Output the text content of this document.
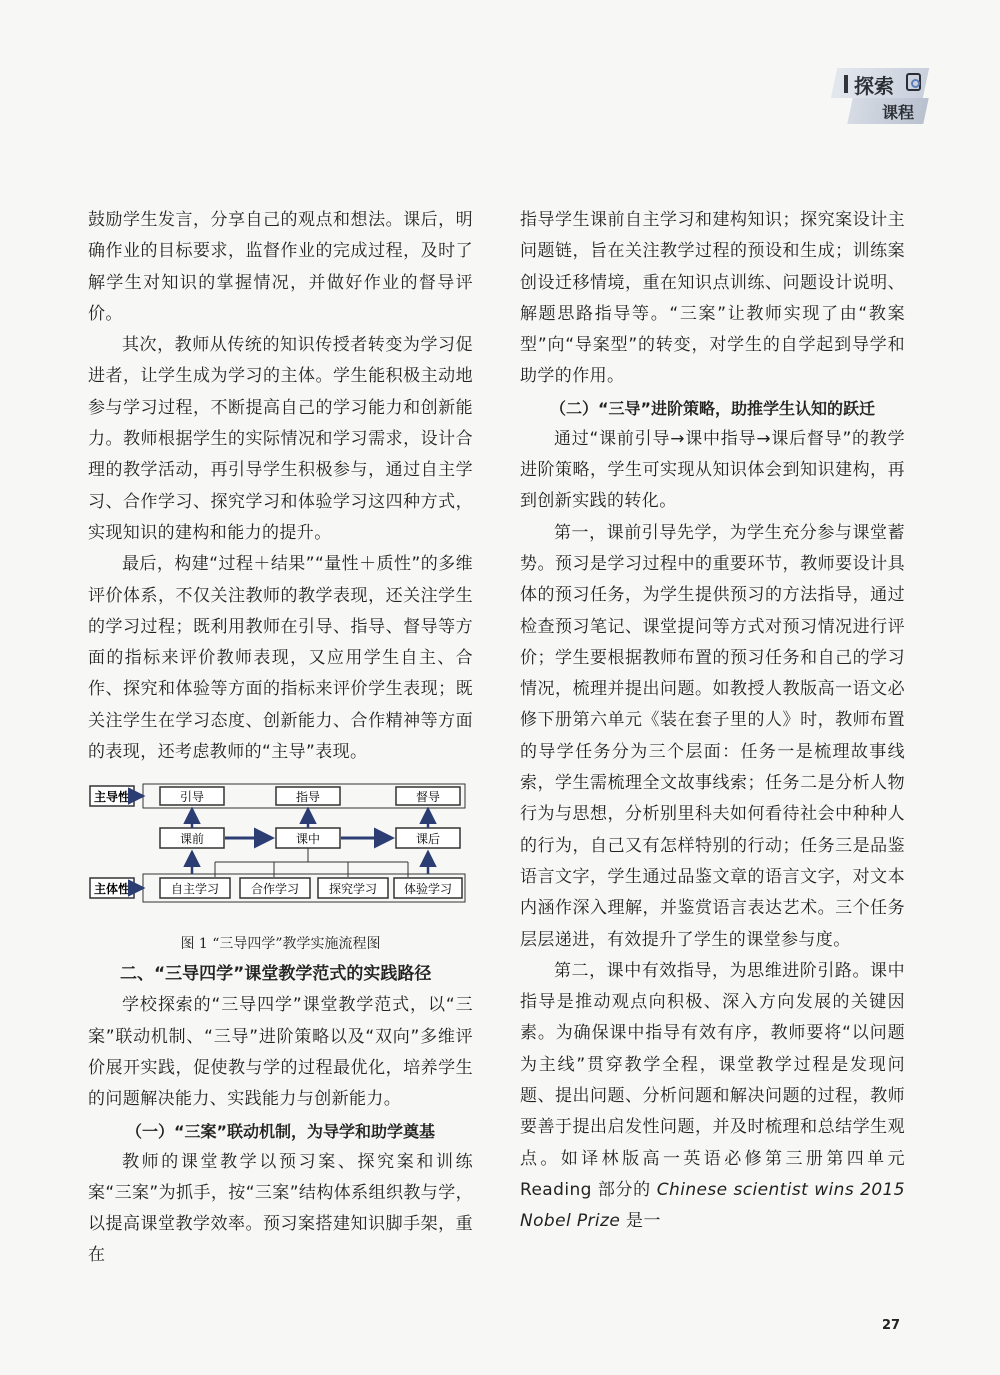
探索
课程

鼓励学生发言，分享自己的观点和想法。课后，明确作业的目标要求，监督作业的完成过程，及时了解学生对知识的掌握情况，并做好作业的督导评价。

其次，教师从传统的知识传授者转变为学习促进者，让学生成为学习的主体。学生能积极主动地参与学习过程，不断提高自己的学习能力和创新能力。教师根据学生的实际情况和学习需求，设计合理的教学活动，再引导学生积极参与，通过自主学习、合作学习、探究学习和体验学习这四种方式，实现知识的建构和能力的提升。

最后，构建“过程＋结果”“量性＋质性”的多维评价体系，不仅关注教师的教学表现，还关注学生的学习过程；既利用教师在引导、指导、督导等方面的指标来评价教师表现，又应用学生自主、合作、探究和体验等方面的指标来评价学生表现；既关注学生在学习态度、创新能力、合作精神等方面的表现，还考虑教师的“主导”表现。

主导性
主体性
引导	指导	督导
课前	课中	课后
自主学习	合作学习 探究学习 体验学习
图 1 “三导四学”教学实施流程图
二、“三导四学”课堂教学范式的实践路径

学校探索的“三导四学”课堂教学范式，以“三案”联动机制、“三导”进阶策略以及“双向”多维评价展开实践，促使教与学的过程最优化，培养学生的问题解决能力、实践能力与创新能力。

（一）“三案”联动机制，为导学和助学奠基

教师的课堂教学以预习案、探究案和训练案“三案”为抓手，按“三案”结构体系组织教与学，以提高课堂教学效率。预习案搭建知识脚手架，重在

指导学生课前自主学习和建构知识；探究案设计主问题链，旨在关注教学过程的预设和生成；训练案创设迁移情境，重在知识点训练、问题设计说明、解题思路指导等。“三案”让教师实现了由“教案型”向“导案型”的转变，对学生的自学起到导学和助学的作用。

（二）“三导”进阶策略，助推学生认知的跃迁

通过“课前引导→课中指导→课后督导”的教学进阶策略，学生可实现从知识体会到知识建构，再到创新实践的转化。

第一，课前引导先学，为学生充分参与课堂蓄势。预习是学习过程中的重要环节，教师要设计具体的预习任务，为学生提供预习的方法指导，通过检查预习笔记、课堂提问等方式对预习情况进行评价；学生要根据教师布置的预习任务和自己的学习情况，梳理并提出问题。如教授人教版高一语文必修下册第六单元《装在套子里的人》时，教师布置的导学任务分为三个层面：任务一是梳理故事线索，学生需梳理全文故事线索；任务二是分析人物行为与思想，分析别里科夫如何看待社会中种种人的行为，自己又有怎样特别的行动；任务三是品鉴语言文字，学生通过品鉴文章的语言文字，对文本内涵作深入理解，并鉴赏语言表达艺术。三个任务层层递进，有效提升了学生的课堂参与度。

第二，课中有效指导，为思维进阶引路。课中指导是推动观点向积极、深入方向发展的关键因素。为确保课中指导有效有序，教师要将“以问题为主线”贯穿教学全程，课堂教学过程是发现问题、提出问题、分析问题和解决问题的过程，教师要善于提出启发性问题，并及时梳理和总结学生观点。如译林版高一英语必修第三册第四单元 Reading 部分的 Chinese scientist wins 2015 Nobel Prize 是一

27
